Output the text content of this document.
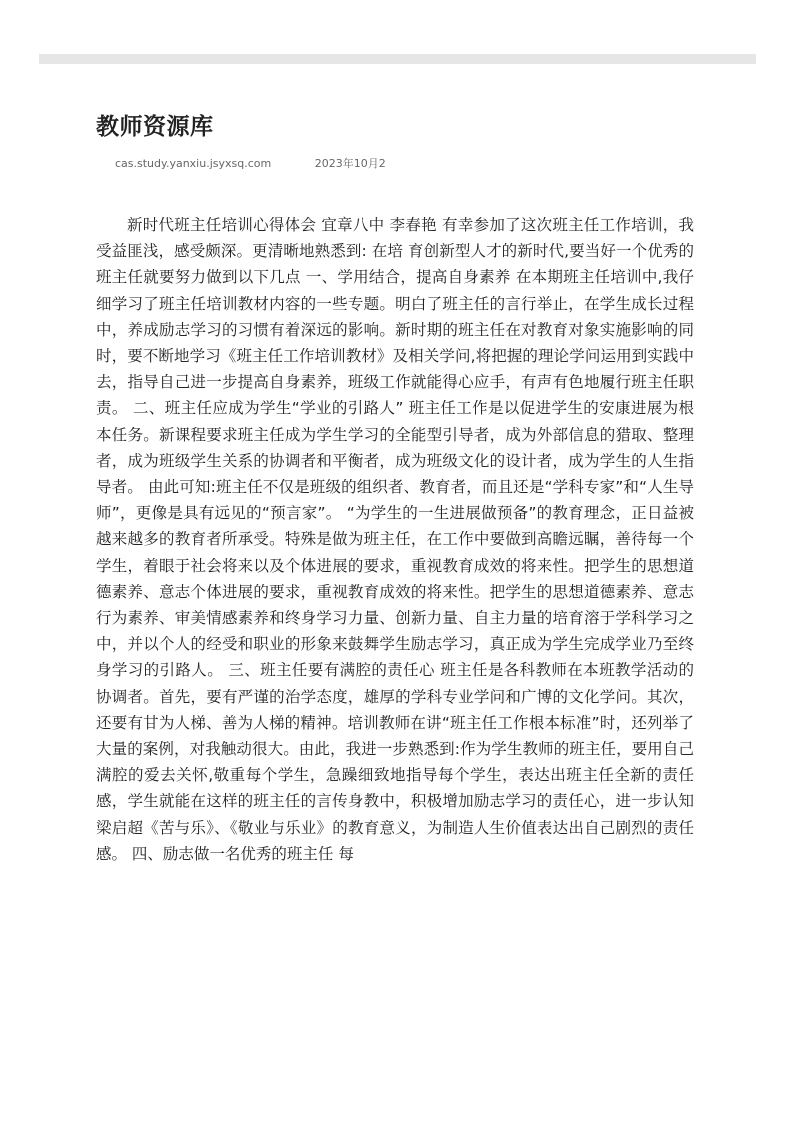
教师资源库
cas.study.yanxiu.jsyxsq.com	2023年10月2

新时代班主任培训心得体会 宜章八中 李春艳 有幸参加了这次班主任工作培训，我受益匪浅，感受颇深。更清晰地熟悉到: 在培 育创新型人才的新时代,要当好一个优秀的班主任就要努力做到以下几点 一、学用结合，提高自身素养 在本期班主任培训中,我仔细学习了班主任培训教材内容的一些专题。明白了班主任的言行举止，在学生成长过程中，养成励志学习的习惯有着深远的影响。新时期的班主任在对教育对象实施影响的同时，要不断地学习《班主任工作培训教材》及相关学问,将把握的理论学问运用到实践中去，指导自己进一步提高自身素养，班级工作就能得心应手，有声有色地履行班主任职责。 二、班主任应成为学生“学业的引路人” 班主任工作是以促进学生的安康进展为根本任务。新课程要求班主任成为学生学习的全能型引导者，成为外部信息的猎取、整理者，成为班级学生关系的协调者和平衡者，成为班级文化的设计者，成为学生的人生指导者。 由此可知:班主任不仅是班级的组织者、教育者，而且还是“学科专家”和“人生导师”，更像是具有远见的“预言家”。 “为学生的一生进展做预备”的教育理念，正日益被越来越多的教育者所承受。特殊是做为班主任，在工作中要做到高瞻远瞩，善待每一个学生，着眼于社会将来以及个体进展的要求，重视教育成效的将来性。把学生的思想道德素养、意志个体进展的要求，重视教育成效的将来性。把学生的思想道德素养、意志行为素养、审美情感素养和终身学习力量、创新力量、自主力量的培育溶于学科学习之中，并以个人的经受和职业的形象来鼓舞学生励志学习，真正成为学生完成学业乃至终身学习的引路人。 三、班主任要有满腔的责任心 班主任是各科教师在本班教学活动的协调者。首先，要有严谨的治学态度，雄厚的学科专业学问和广博的文化学问。其次，还要有甘为人梯、善为人梯的精神。培训教师在讲“班主任工作根本标准”时，还列举了大量的案例，对我触动很大。由此，我进一步熟悉到:作为学生教师的班主任，要用自己满腔的爱去关怀,敬重每个学生，急躁细致地指导每个学生，表达出班主任全新的责任感，学生就能在这样的班主任的言传身教中，积极增加励志学习的责任心，进一步认知梁启超《苦与乐》、《敬业与乐业》的教育意义，为制造人生价值表达出自己剧烈的责任感。 四、励志做一名优秀的班主任 每
